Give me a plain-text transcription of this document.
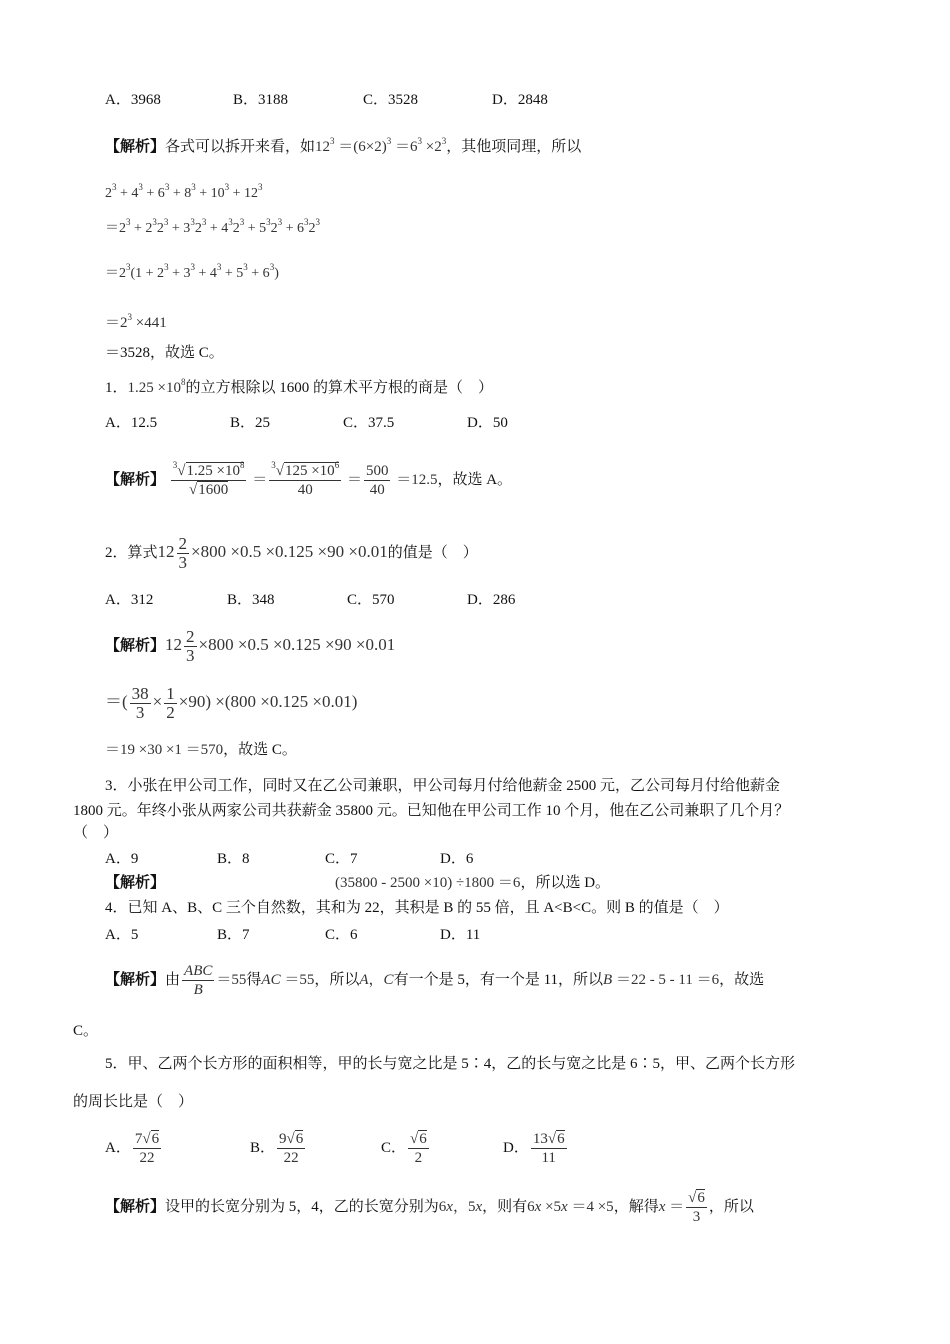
A．3968	B．3188	C．3528	D．2848
【解析】各式可以拆开来看，如$12^3 =(6\times 2)^3 =6^3 \times 2^3$，其他项同理，所以
$2^3 + 4^3 + 6^3 + 8^3 + 10^3 + 12^3$
$=2^3 + 2^32^3 + 3^32^3 + 4^32^3 + 5^32^3 + 6^32^3$
$=2^3(1 + 2^3 + 3^3 + 4^3 + 5^3 + 6^3)$
$=2^3 \times 441$
＝3528，故选 C。
1．$1.25 \times 10^8$的立方根除以 1600 的算术平方根的商是（　）
A．12.5	B．25	C．37.5	D．50
【解析】 $\frac{^3√1.25 \times 10^8}{√1600} = \frac{^3√125 \times 10^6}{40} = \frac{500}{40} =12.5$，故选 A。
2．算式$12 \frac{2}{3} \times 800 \times 0.5 \times 0.125 \times 90 \times 0.01$的值是（　）
A．312	B．348	C．570	D．286
【解析】$12 \frac{2}{3} \times 800 \times 0.5 \times 0.125 \times 90 \times 0.01$
＝( $\frac{38}{3} \times \frac{1}{2} \times 90) \times(800 \times 0.125 \times 0.01)$
＝19 ×30 ×1 ＝570，故选 C。
3．小张在甲公司工作，同时又在乙公司兼职，甲公司每月付给他薪金 2500 元，乙公司每月付给他薪金
1800 元。年终小张从两家公司共获薪金 35800 元。已知他在甲公司工作 10 个月，他在乙公司兼职了几个月？
（　）
A．9	B．8	C．7	D．6
【解析】	(35800 - 2500 ×10) ÷1800 ＝6，所以选 D。
4．已知 A、B、C 三个自然数，其和为 22，其积是 B 的 55 倍，且 A<B<C。则 B 的值是（　）
A．5	B．7	C．6	D．11
【解析】由 $\frac{\text{ABC}}{B} =55$得AC ＝55，所以A，C有一个是 5，有一个是 11，所以B ＝22 - 5 - 11 ＝6，故选
C。
5．甲、乙两个长方形的面积相等，甲的长与宽之比是 5∶4，乙的长与宽之比是 6∶5，甲、乙两个长方形
的周长比是（　）
A． $\frac{7√6}{22}$	B． $\frac{9√6}{22}$	C． $\frac{√6}{2}$	D． $\frac{13√6}{11}$
【解析】设甲的长宽分别为 5，4，乙的长宽分别为6x，5x，则有6x ×5x ＝4 ×5，解得$x = \frac{√6}{3}$ ，所以
